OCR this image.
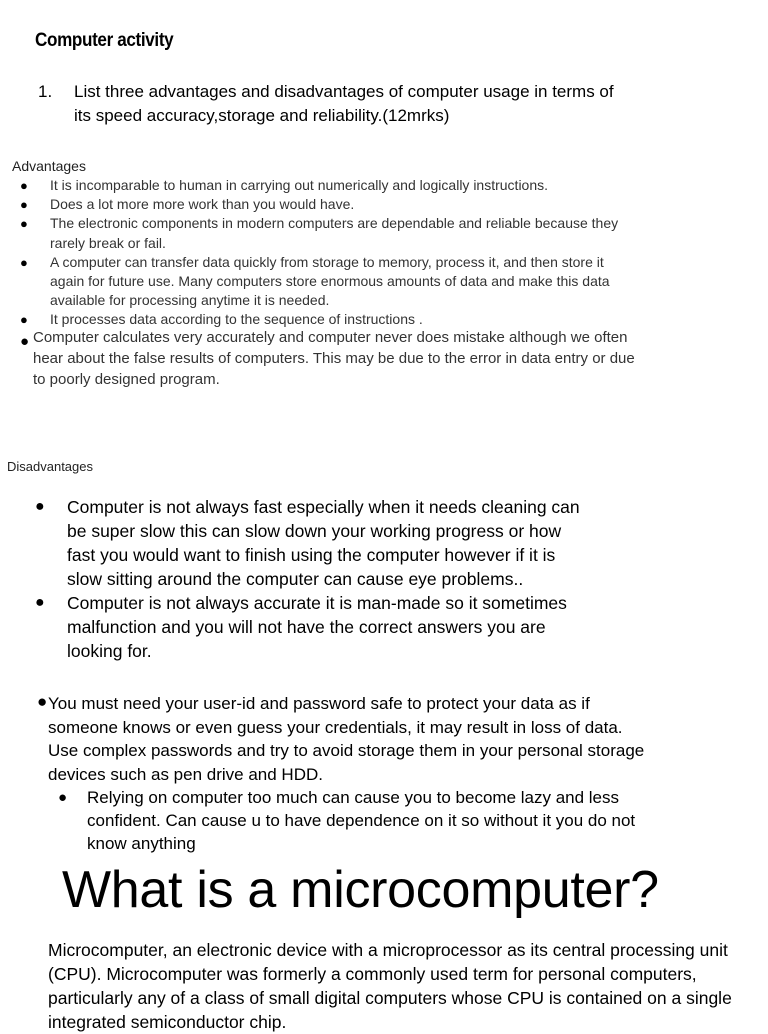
Computer activity
1.	List three advantages and disadvantages of computer usage in terms of its speed accuracy,storage and reliability.(12mrks)
Advantages
● It is incomparable to human in carrying out numerically and logically instructions.
● Does a lot more more work than you would have.
● The electronic components in modern computers are dependable and reliable because they rarely break or fail.
● A computer can transfer data quickly from storage to memory, process it, and then store it again for future use. Many computers store enormous amounts of data and make this data available for processing anytime it is needed.
● It processes data according to the sequence of instructions .
● Computer calculates very accurately and computer never does mistake although we often hear about the false results of computers. This may be due to the error in data entry or due to poorly designed program.
Disadvantages
● Computer is not always fast especially when it needs cleaning can be super slow this can slow down your working progress or how fast you would want to finish using the computer however if it is slow sitting around the computer can cause eye problems..
● Computer is not always accurate it is man-made so it sometimes malfunction and you will not have the correct answers you are looking for.
● You must need your user-id and password safe to protect your data as if someone knows or even guess your credentials, it may result in loss of data. Use complex passwords and try to avoid storage them in your personal storage devices such as pen drive and HDD.
● Relying on computer too much can cause you to become lazy and less confident. Can cause u to have dependence on it so without it you do not know anything
What is a microcomputer?
Microcomputer, an electronic device with a microprocessor as its central processing unit (CPU). Microcomputer was formerly a commonly used term for personal computers, particularly any of a class of small digital computers whose CPU is contained on a single integrated semiconductor chip.
